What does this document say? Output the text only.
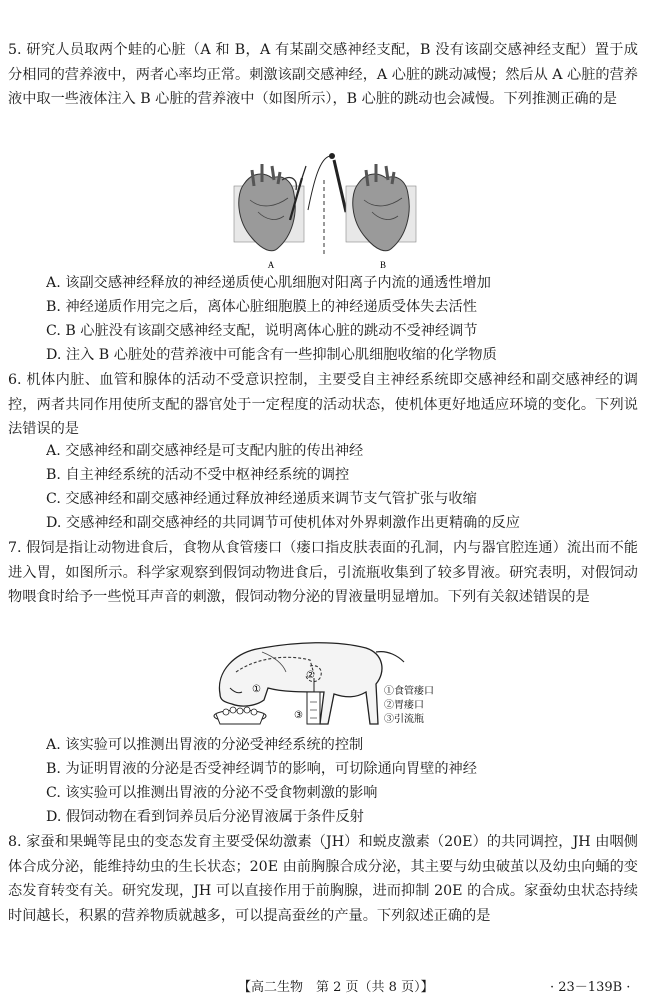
5. 研究人员取两个蛙的心脏（A 和 B，A 有某副交感神经支配，B 没有该副交感神经支配）置于成分相同的营养液中，两者心率均正常。刺激该副交感神经，A 心脏的跳动减慢；然后从 A 心脏的营养液中取一些液体注入 B 心脏的营养液中（如图所示），B 心脏的跳动也会减慢。下列推测正确的是

A	B
A. 该副交感神经释放的神经递质使心肌细胞对阳离子内流的通透性增加
B. 神经递质作用完之后，离体心脏细胞膜上的神经递质受体失去活性
C. B 心脏没有该副交感神经支配，说明离体心脏的跳动不受神经调节
D. 注入 B 心脏处的营养液中可能含有一些抑制心肌细胞收缩的化学物质

6. 机体内脏、血管和腺体的活动不受意识控制，主要受自主神经系统即交感神经和副交感神经的调控，两者共同作用使所支配的器官处于一定程度的活动状态，使机体更好地适应环境的变化。下列说法错误的是

A. 交感神经和副交感神经是可支配内脏的传出神经
B. 自主神经系统的活动不受中枢神经系统的调控
C. 交感神经和副交感神经通过释放神经递质来调节支气管扩张与收缩
D. 交感神经和副交感神经的共同调节可使机体对外界刺激作出更精确的反应

7. 假饲是指让动物进食后，食物从食管瘘口（瘘口指皮肤表面的孔洞，内与器官腔连通）流出而不能进入胃，如图所示。科学家观察到假饲动物进食后，引流瓶收集到了较多胃液。研究表明，对假饲动物喂食时给予一些悦耳声音的刺激，假饲动物分泌的胃液量明显增加。下列有关叙述错误的是

①
②
③
①食管瘘口
②胃瘘口
③引流瓶
A. 该实验可以推测出胃液的分泌受神经系统的控制
B. 为证明胃液的分泌是否受神经调节的影响，可切除通向胃壁的神经
C. 该实验可以推测出胃液的分泌不受食物刺激的影响
D. 假饲动物在看到饲养员后分泌胃液属于条件反射

8. 家蚕和果蝇等昆虫的变态发育主要受保幼激素（JH）和蜕皮激素（20E）的共同调控，JH 由咽侧体合成分泌，能维持幼虫的生长状态；20E 由前胸腺合成分泌，其主要与幼虫破茧以及幼虫向蛹的变态发育转变有关。研究发现，JH 可以直接作用于前胸腺，进而抑制 20E 的合成。家蚕幼虫状态持续时间越长，积累的营养物质就越多，可以提高蚕丝的产量。下列叙述正确的是

【高二生物　第 2 页（共 8 页）】	· 23－139B ·
